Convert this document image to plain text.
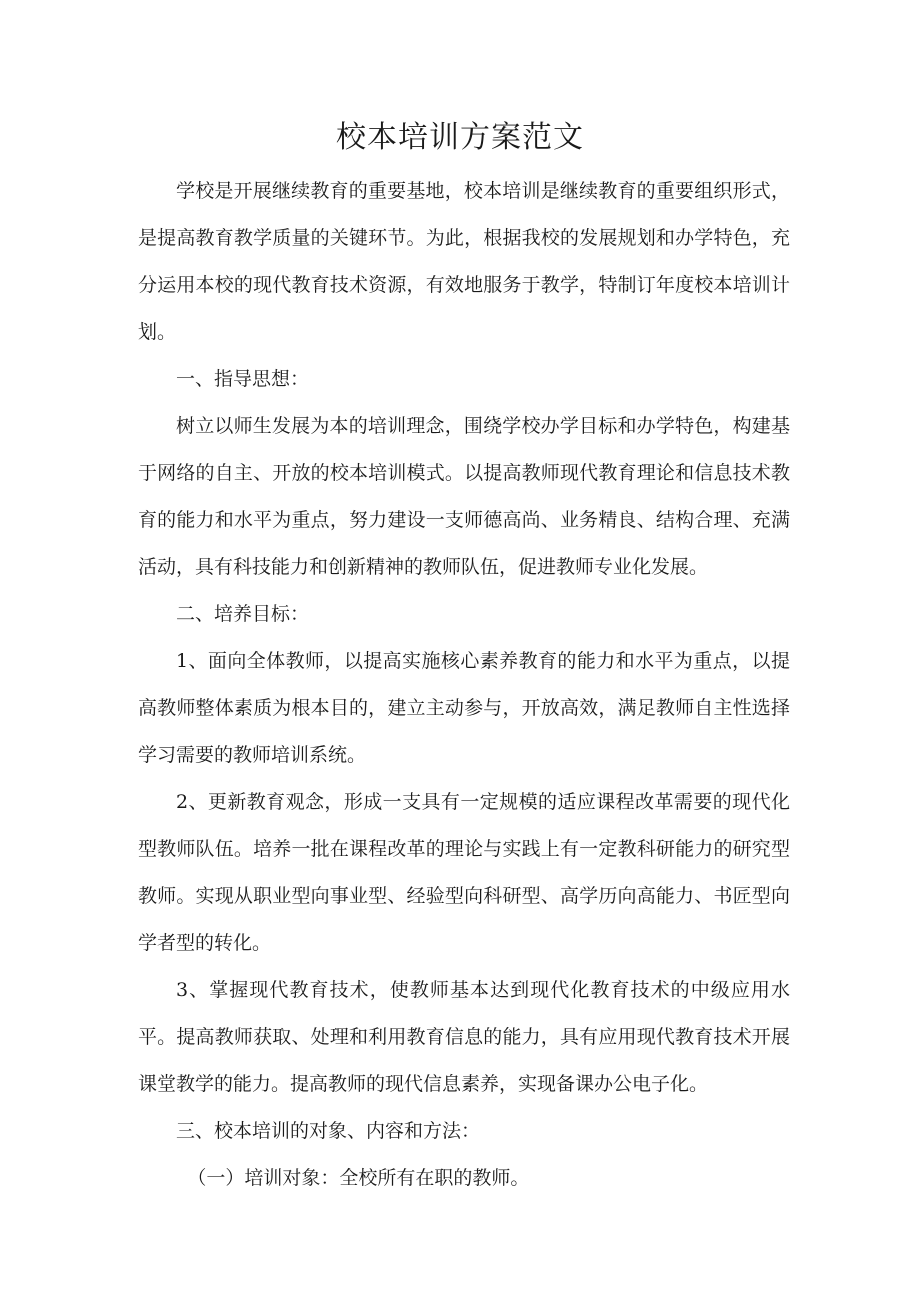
校本培训方案范文

学校是开展继续教育的重要基地，校本培训是继续教育的重要组织形式，是提高教育教学质量的关键环节。为此，根据我校的发展规划和办学特色，充分运用本校的现代教育技术资源，有效地服务于教学，特制订年度校本培训计划。

一、指导思想：

树立以师生发展为本的培训理念，围绕学校办学目标和办学特色，构建基于网络的自主、开放的校本培训模式。以提高教师现代教育理论和信息技术教育的能力和水平为重点，努力建设一支师德高尚、业务精良、结构合理、充满活动，具有科技能力和创新精神的教师队伍，促进教师专业化发展。

二、培养目标：

1、面向全体教师，以提高实施核心素养教育的能力和水平为重点，以提高教师整体素质为根本目的，建立主动参与，开放高效，满足教师自主性选择学习需要的教师培训系统。

2、更新教育观念，形成一支具有一定规模的适应课程改革需要的现代化型教师队伍。培养一批在课程改革的理论与实践上有一定教科研能力的研究型教师。实现从职业型向事业型、经验型向科研型、高学历向高能力、书匠型向学者型的转化。

3、掌握现代教育技术，使教师基本达到现代化教育技术的中级应用水平。提高教师获取、处理和利用教育信息的能力，具有应用现代教育技术开展课堂教学的能力。提高教师的现代信息素养，实现备课办公电子化。

三、校本培训的对象、内容和方法：

（一）培训对象：全校所有在职的教师。
